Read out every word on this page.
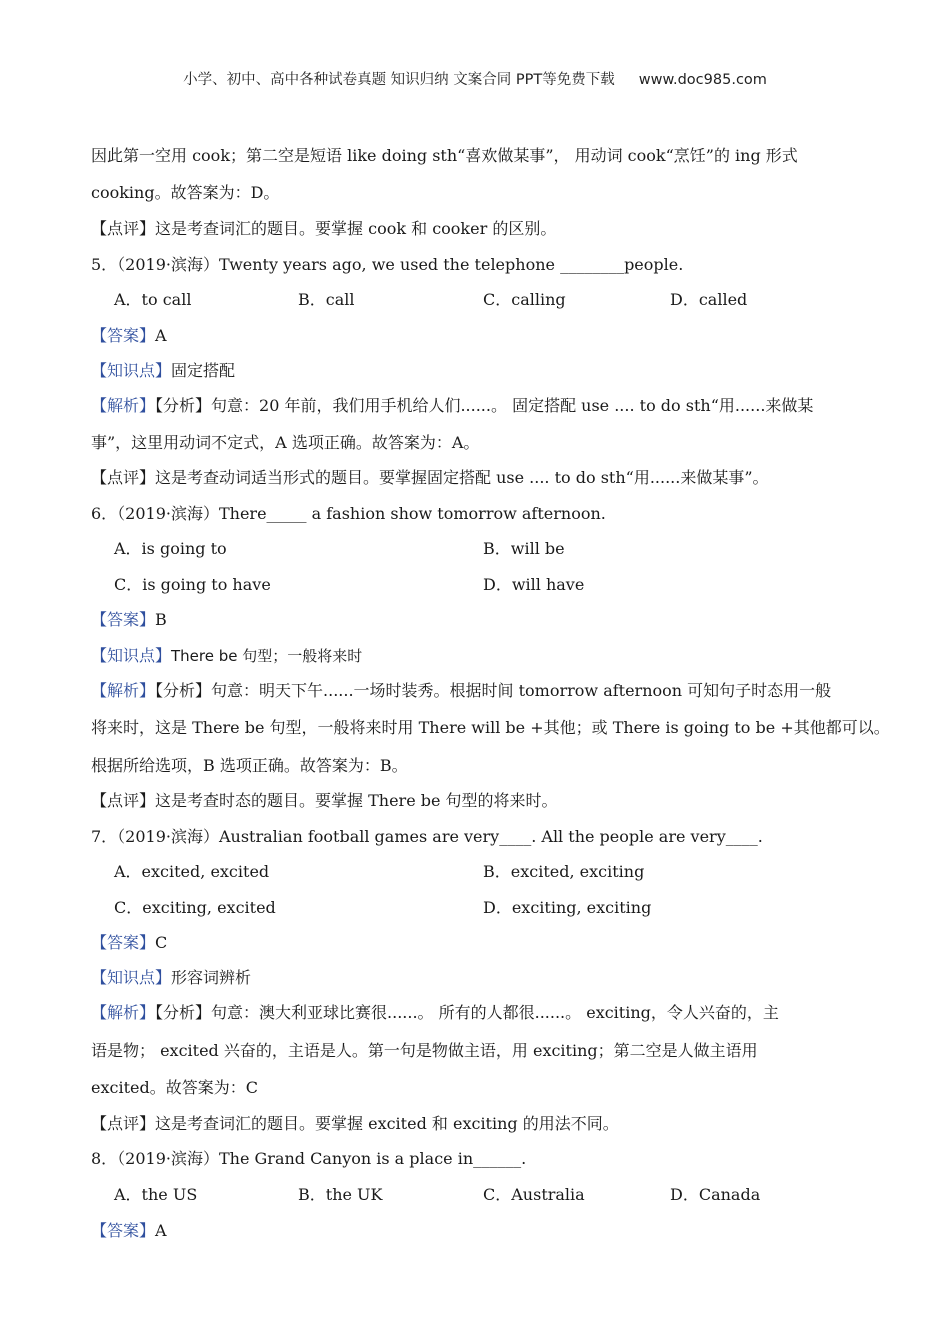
小学、初中、高中各种试卷真题 知识归纳 文案合同 PPT等免费下载 www.doc985.com
因此第一空用 cook；第二空是短语 like doing sth“喜欢做某事”， 用动词 cook“烹饪”的 ing 形式
cooking。故答案为：D。
【点评】这是考查词汇的题目。要掌握 cook 和 cooker 的区别。
5．（2019·滨海）Twenty years ago, we used the telephone ________people.
A．to call	B．call	C．calling	D．called
【答案】A
【知识点】固定搭配
【解析】【分析】句意：20 年前，我们用手机给人们......。 固定搭配 use .... to do sth“用......来做某
事”，这里用动词不定式，A 选项正确。故答案为：A。
【点评】这是考查动词适当形式的题目。要掌握固定搭配 use .... to do sth“用......来做某事”。
6．（2019·滨海）There_____ a fashion show tomorrow afternoon.
A．is going to	B．will be
C．is going to have	D．will have
【答案】B
【知识点】There be 句型；一般将来时
【解析】【分析】句意：明天下午......一场时装秀。根据时间 tomorrow afternoon 可知句子时态用一般
将来时，这是 There be 句型，一般将来时用 There will be +其他；或 There is going to be +其他都可以。
根据所给选项，B 选项正确。故答案为：B。
【点评】这是考查时态的题目。要掌握 There be 句型的将来时。
7．（2019·滨海）Australian football games are very____. All the people are very____.
A．excited, excited	B．excited, exciting
C．exciting, excited	D．exciting, exciting
【答案】C
【知识点】形容词辨析
【解析】【分析】句意：澳大利亚球比赛很......。 所有的人都很......。 exciting，令人兴奋的，主
语是物； excited 兴奋的，主语是人。第一句是物做主语，用 exciting；第二空是人做主语用
excited。故答案为：C
【点评】这是考查词汇的题目。要掌握 excited 和 exciting 的用法不同。
8．（2019·滨海）The Grand Canyon is a place in______.
A．the US	B．the UK	C．Australia	D．Canada
【答案】A
